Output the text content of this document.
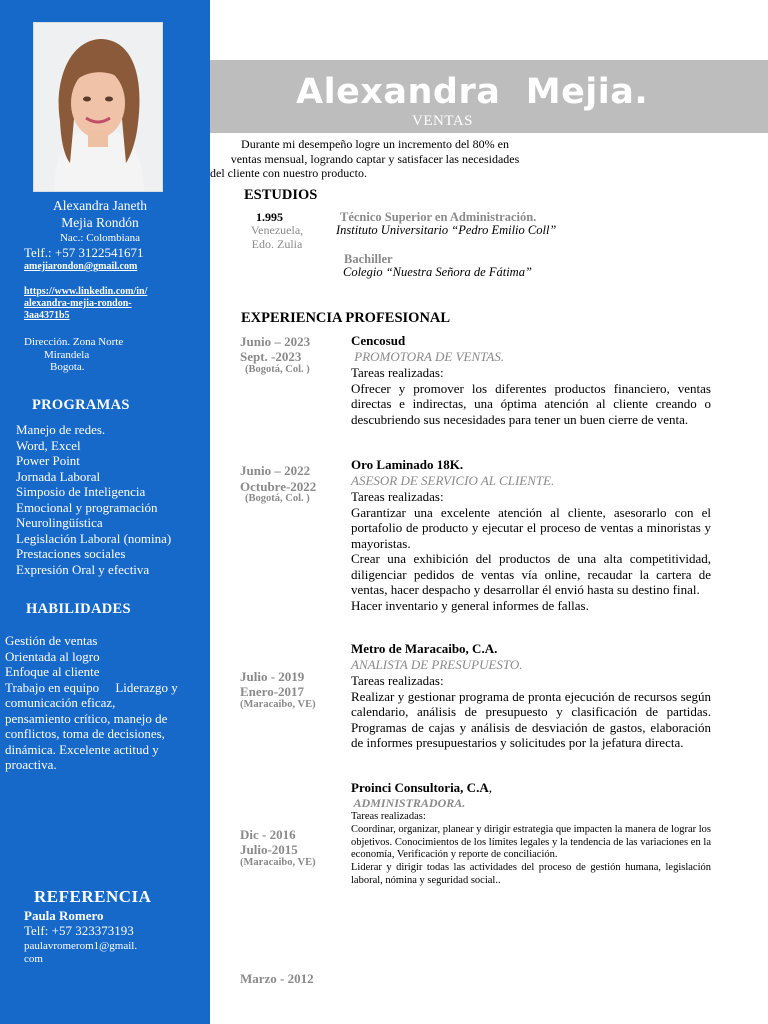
Alexandra Janeth
Mejia Rondón
Nac.: Colombiana
Telf.: +57 3122541671
amejiarondon@gmail.com
https://www.linkedin.com/in/
alexandra-mejia-rondon-
3aa4371b5
Dirección. Zona Norte
Mirandela
Bogota.
PROGRAMAS
Manejo de redes.
Word, Excel
Power Point
Jornada Laboral
Simposio de Inteligencia
Emocional y programación
Neurolingüística
Legislación Laboral (nomina)
Prestaciones sociales
Expresión Oral y efectiva
HABILIDADES
Gestión de ventas
Orientada al logro
Enfoque al cliente
Trabajo en equipo     Liderazgo y
comunicación eficaz,
pensamiento crítico, manejo de
conflictos, toma de decisiones,
dinámica. Excelente actitud y
proactiva.
REFERENCIA
Paula Romero
Telf: +57 323373193
paulavromerom1@gmail.
com
Alexandra  Mejia.
VENTAS
Durante mi desempeño logre un incremento del 80% en
ventas mensual, logrando captar y satisfacer las necesidades
del cliente con nuestro producto.
ESTUDIOS
1.995
Venezuela,
Edo. Zulia
Técnico Superior en Administración.
Instituto Universitario “Pedro Emilio Coll”
Bachiller
Colegio “Nuestra Señora de Fátima”
EXPERIENCIA PROFESIONAL
Junio – 2023
Sept. -2023
(Bogotá, Col. )
Cencosud
PROMOTORA DE VENTAS.
Tareas realizadas:
Ofrecer y promover los diferentes productos financiero, ventas directas e indirectas, una óptima atención al cliente creando o descubriendo sus necesidades para tener un buen cierre de venta.
Junio – 2022
Octubre-2022
(Bogotá, Col. )
Oro Laminado 18K.
ASESOR DE SERVICIO AL CLIENTE.
Tareas realizadas:
Garantizar una excelente atención al cliente, asesorarlo con el portafolio de producto y ejecutar el proceso de ventas a minoristas y mayoristas.
Crear una exhibición del productos de una alta competitividad, diligenciar pedidos de ventas vía online, recaudar la cartera de ventas, hacer despacho y desarrollar él envió hasta su destino final.
Hacer inventario y general informes de fallas.
Julio - 2019
Enero-2017
(Maracaibo, VE)
Metro de Maracaibo, C.A.
ANALISTA DE PRESUPUESTO.
Tareas realizadas:
Realizar y gestionar programa de pronta ejecución de recursos según calendario, análisis de presupuesto y clasificación de partidas. Programas de cajas y análisis de desviación de gastos, elaboración de informes presupuestarios y solicitudes por la jefatura directa.
Dic - 2016
Julio-2015
(Maracaibo, VE)
Proinci Consultoria, C.A,
ADMINISTRADORA.
Tareas realizadas:
Coordinar, organizar, planear y dirigir estrategia que impacten la manera de lograr los objetivos. Conocimientos de los límites legales y la tendencia de las variaciones en la economía, Verificación y reporte de conciliación.
Liderar y dirigir todas las actividades del proceso de gestión humana, legislación laboral, nómina y seguridad social..
Marzo - 2012
